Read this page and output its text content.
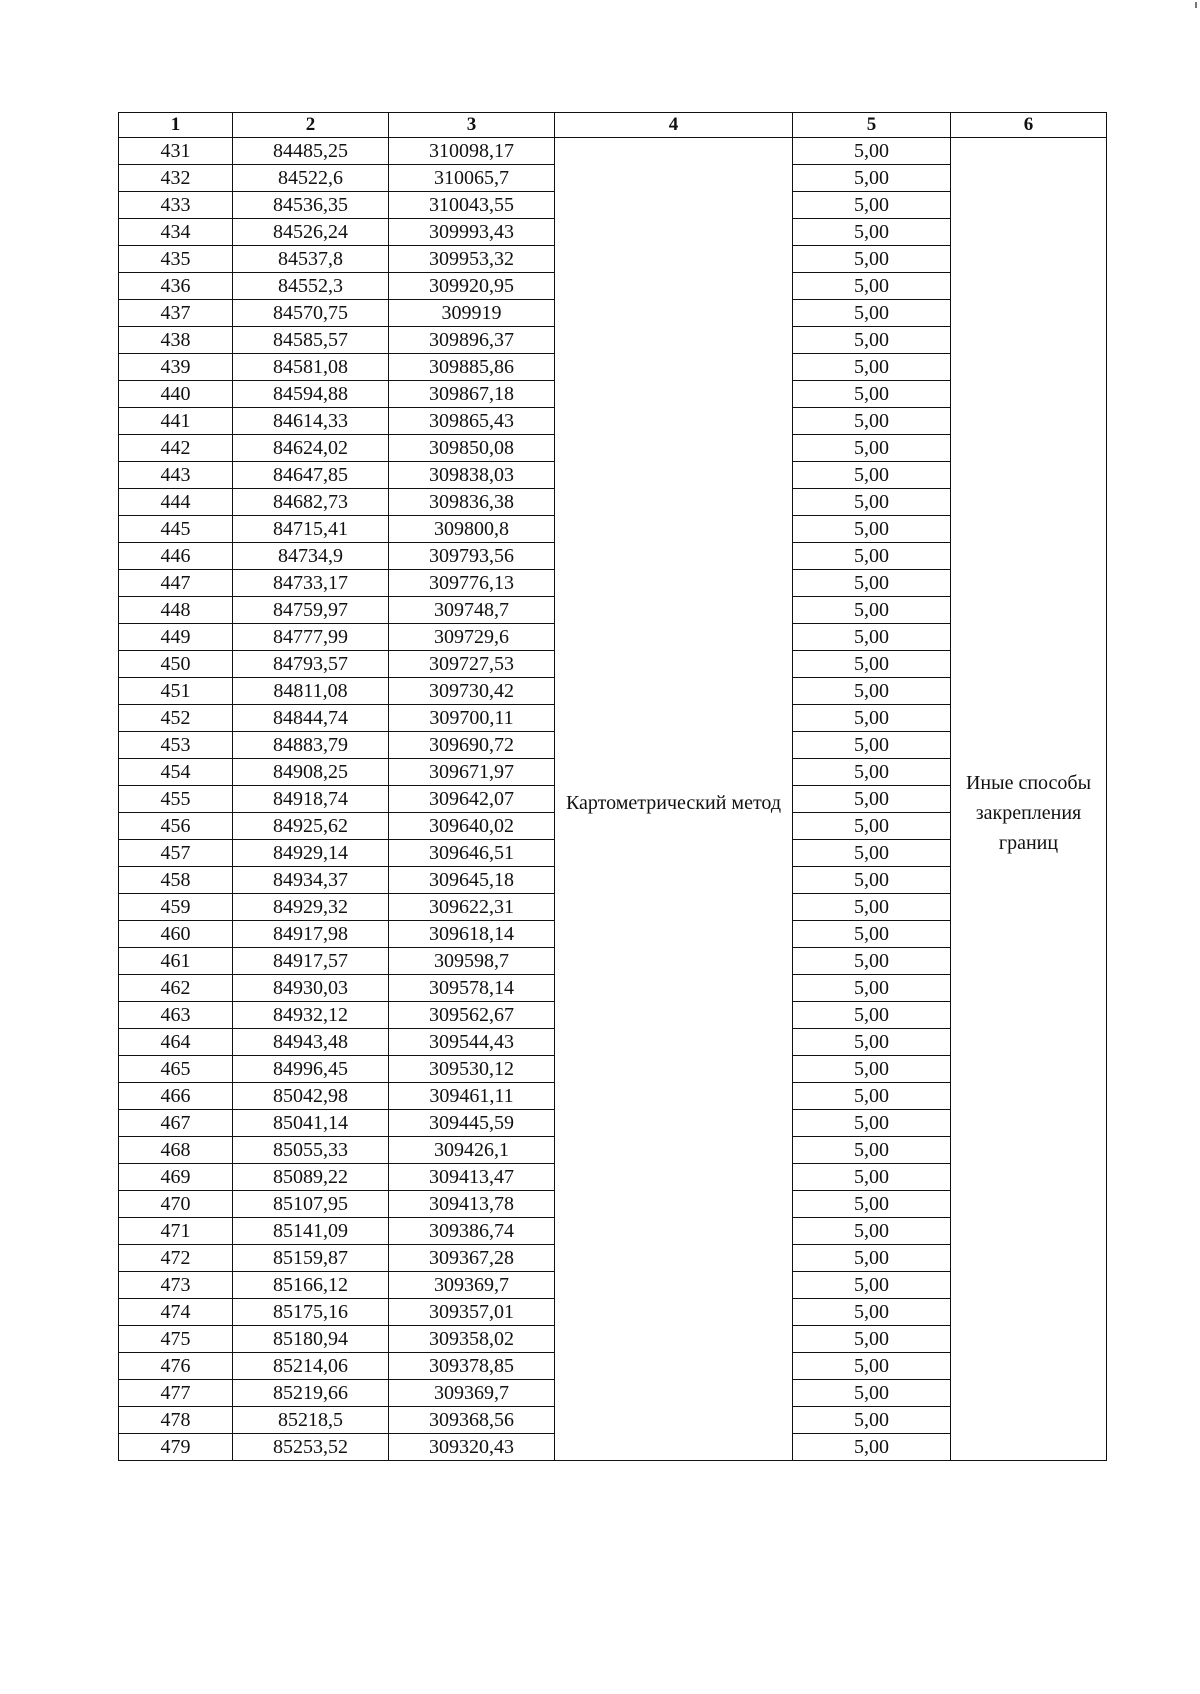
1	2	3	4	5	6
431	84485,25	310098,17	Картометрический метод	5,00	Иные способы закрепления границ
432	84522,6	310065,7		5,00	
433	84536,35	310043,55		5,00	
434	84526,24	309993,43		5,00	
435	84537,8	309953,32		5,00	
436	84552,3	309920,95		5,00	
437	84570,75	309919		5,00	
438	84585,57	309896,37		5,00	
439	84581,08	309885,86		5,00	
440	84594,88	309867,18		5,00	
441	84614,33	309865,43		5,00	
442	84624,02	309850,08		5,00	
443	84647,85	309838,03		5,00	
444	84682,73	309836,38		5,00	
445	84715,41	309800,8		5,00	
446	84734,9	309793,56		5,00	
447	84733,17	309776,13		5,00	
448	84759,97	309748,7		5,00	
449	84777,99	309729,6		5,00	
450	84793,57	309727,53		5,00	
451	84811,08	309730,42		5,00	
452	84844,74	309700,11		5,00	
453	84883,79	309690,72		5,00	
454	84908,25	309671,97		5,00	
455	84918,74	309642,07		5,00	
456	84925,62	309640,02		5,00	
457	84929,14	309646,51		5,00	
458	84934,37	309645,18		5,00	
459	84929,32	309622,31		5,00	
460	84917,98	309618,14		5,00	
461	84917,57	309598,7		5,00	
462	84930,03	309578,14		5,00	
463	84932,12	309562,67		5,00	
464	84943,48	309544,43		5,00	
465	84996,45	309530,12		5,00	
466	85042,98	309461,11		5,00	
467	85041,14	309445,59		5,00	
468	85055,33	309426,1		5,00	
469	85089,22	309413,47		5,00	
470	85107,95	309413,78		5,00	
471	85141,09	309386,74		5,00	
472	85159,87	309367,28		5,00	
473	85166,12	309369,7		5,00	
474	85175,16	309357,01		5,00	
475	85180,94	309358,02		5,00	
476	85214,06	309378,85		5,00	
477	85219,66	309369,7		5,00	
478	85218,5	309368,56		5,00	
479	85253,52	309320,43		5,00	
